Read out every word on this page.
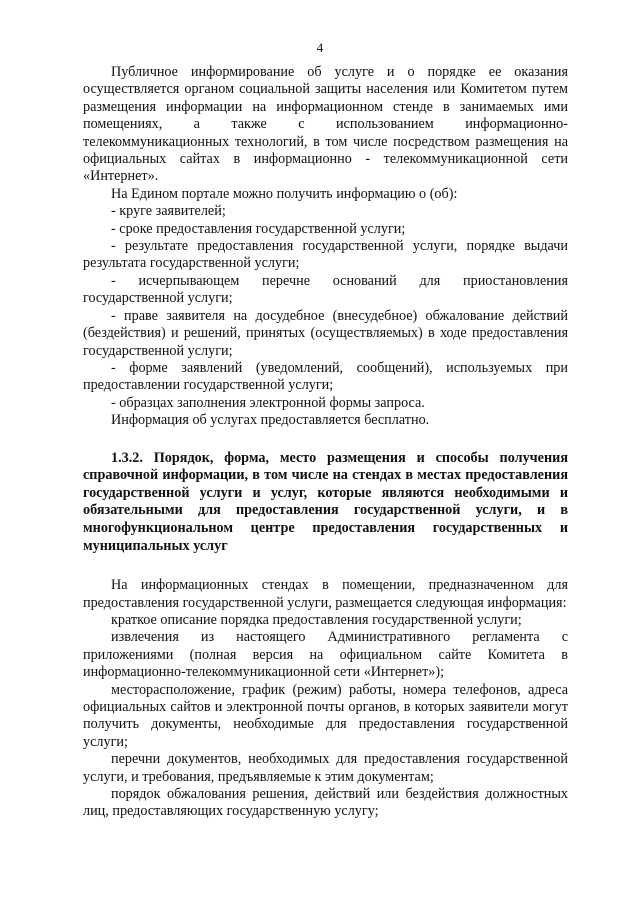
4

Публичное информирование об услуге и о порядке ее оказания осуществляется органом социальной защиты населения или Комитетом путем размещения информации на информационном стенде в занимаемых ими помещениях, а также с использованием информационно-телекоммуникационных технологий, в том числе посредством размещения на официальных сайтах в информационно - телекоммуникационной сети «Интернет».

На Едином портале можно получить информацию о (об):

- круге заявителей;

- сроке предоставления государственной услуги;

- результате предоставления государственной услуги, порядке выдачи результата государственной услуги;

- исчерпывающем перечне оснований для приостановления государственной услуги;

- праве заявителя на досудебное (внесудебное) обжалование действий (бездействия) и решений, принятых (осуществляемых) в ходе предоставления государственной услуги;

- форме заявлений (уведомлений, сообщений), используемых при предоставлении государственной услуги;

- образцах заполнения электронной формы запроса.

Информация об услугах предоставляется бесплатно.

1.3.2. Порядок, форма, место размещения и способы получения справочной информации, в том числе на стендах в местах предоставления государственной услуги и услуг, которые являются необходимыми и обязательными для предоставления государственной услуги, и в многофункциональном центре предоставления государственных и муниципальных услуг

На информационных стендах в помещении, предназначенном для предоставления государственной услуги, размещается следующая информация:

краткое описание порядка предоставления государственной услуги;

извлечения из настоящего Административного регламента с приложениями (полная версия на официальном сайте Комитета в информационно-телекоммуникационной сети «Интернет»);

месторасположение, график (режим) работы, номера телефонов, адреса официальных сайтов и электронной почты органов, в которых заявители могут получить документы, необходимые для предоставления государственной услуги;

перечни документов, необходимых для предоставления государственной услуги, и требования, предъявляемые к этим документам;

порядок обжалования решения, действий или бездействия должностных лиц, предоставляющих государственную услугу;
